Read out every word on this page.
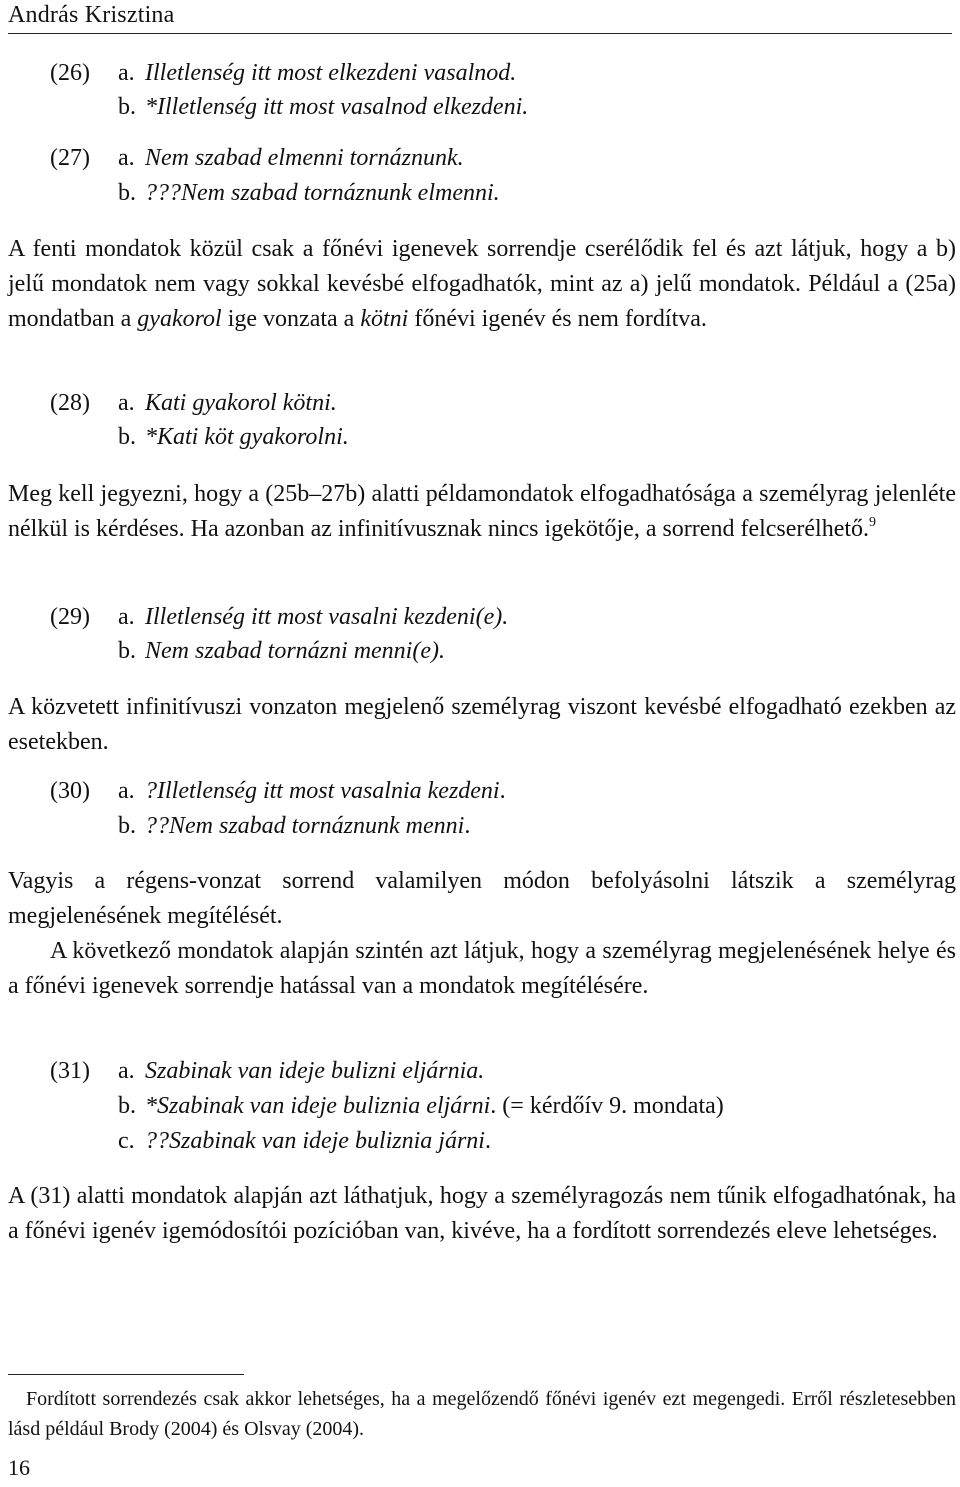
András Krisztina
(26) a. Illetlenség itt most elkezdeni vasalnod.
b. *Illetlenség itt most vasalnod elkezdeni.
(27) a. Nem szabad elmenni tornáznunk.
b. ???Nem szabad tornáznunk elmenni.
A fenti mondatok közül csak a főnévi igenevek sorrendje cserélődik fel és azt látjuk, hogy a b) jelű mondatok nem vagy sokkal kevésbé elfogadhatók, mint az a) jelű mondatok. Például a (25a) mondatban a gyakorol ige vonzata a kötni főnévi igenév és nem fordítva.
(28) a. Kati gyakorol kötni.
b. *Kati köt gyakorolni.
Meg kell jegyezni, hogy a (25b–27b) alatti példamondatok elfogadhatósága a személyrag jelenléte nélkül is kérdéses. Ha azonban az infinitívusznak nincs igekötője, a sorrend felcserélhető.$^9$
(29) a. Illetlenség itt most vasalni kezdeni(e).
b. Nem szabad tornázni menni(e).
A közvetett infinitívuszi vonzaton megjelenő személyrag viszont kevésbé elfogadható ezekben az esetekben.
(30) a. ?Illetlenség itt most vasalnia kezdeni.
b. ??Nem szabad tornáznunk menni.
Vagyis a régens-vonzat sorrend valamilyen módon befolyásolni látszik a személyrag megjelenésének megítélését.
A következő mondatok alapján szintén azt látjuk, hogy a személyrag megjelenésének helye és a főnévi igenevek sorrendje hatással van a mondatok megítélésére.
(31) a. Szabinak van ideje bulizni eljárnia.
b. *Szabinak van ideje bulizniа eljárni. (= kérdőív 9. mondata)
c. ??Szabinak van ideje bulizniа járni.
A (31) alatti mondatok alapján azt láthatjuk, hogy a személyragozás nem tűnik elfogadhatónak, ha a főnévi igenév igemódosítói pozícióban van, kivéve, ha a fordított sorrendezés eleve lehetséges.
Fordított sorrendezés csak akkor lehetséges, ha a megelőzendő főnévi igenév ezt megengedi. Erről részletesebben lásd például Brody (2004) és Olsvay (2004).
16
